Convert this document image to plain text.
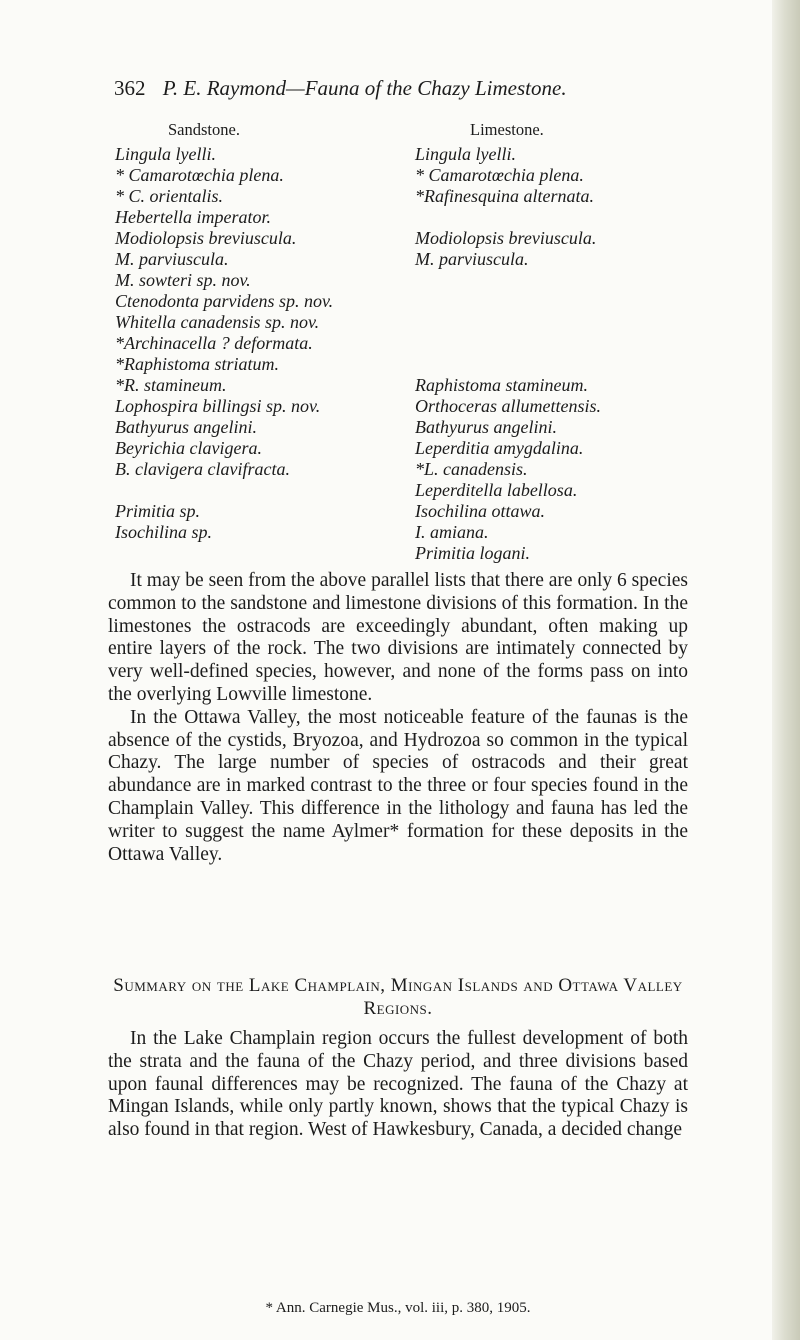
362 P. E. Raymond—Fauna of the Chazy Limestone.
Sandstone.	Limestone.
Lingula lyelli.
* Camarotœchia plena.
* C. orientalis.
Hebertella imperator.
Modiolopsis breviuscula.
M. parviuscula.
M. sowteri sp. nov.
Ctenodonta parvidens sp. nov.
Whitella canadensis sp. nov.
*Archinacella ? deformata.
*Raphistoma striatum.
*R. stamineum.
Lophospira billingsi sp. nov.
Bathyurus angelini.
Beyrichia clavigera.
B. clavigera clavifracta.
Primitia sp.
Isochilina sp.
Lingula lyelli.
* Camarotœchia plena.
*Rafinesquina alternata.
Modiolopsis breviuscula.
M. parviuscula.
Raphistoma stamineum.
Orthoceras allumettensis.
Bathyurus angelini.
Leperditia amygdalina.
*L. canadensis.
Leperditella labellosa.
Isochilina ottawa.
I. amiana.
Primitia logani.

It may be seen from the above parallel lists that there are only 6 species common to the sandstone and limestone divisions of this formation. In the limestones the ostracods are exceedingly abundant, often making up entire layers of the rock. The two divisions are intimately connected by very well-defined species, however, and none of the forms pass on into the overlying Lowville limestone.

In the Ottawa Valley, the most noticeable feature of the faunas is the absence of the cystids, Bryozoa, and Hydrozoa so common in the typical Chazy. The large number of species of ostracods and their great abundance are in marked contrast to the three or four species found in the Champlain Valley. This difference in the lithology and fauna has led the writer to suggest the name Aylmer* formation for these deposits in the Ottawa Valley.

Summary on the Lake Champlain, Mingan Islands and Ottawa Valley Regions.

In the Lake Champlain region occurs the fullest development of both the strata and the fauna of the Chazy period, and three divisions based upon faunal differences may be recognized. The fauna of the Chazy at Mingan Islands, while only partly known, shows that the typical Chazy is also found in that region. West of Hawkesbury, Canada, a decided change

* Ann. Carnegie Mus., vol. iii, p. 380, 1905.
